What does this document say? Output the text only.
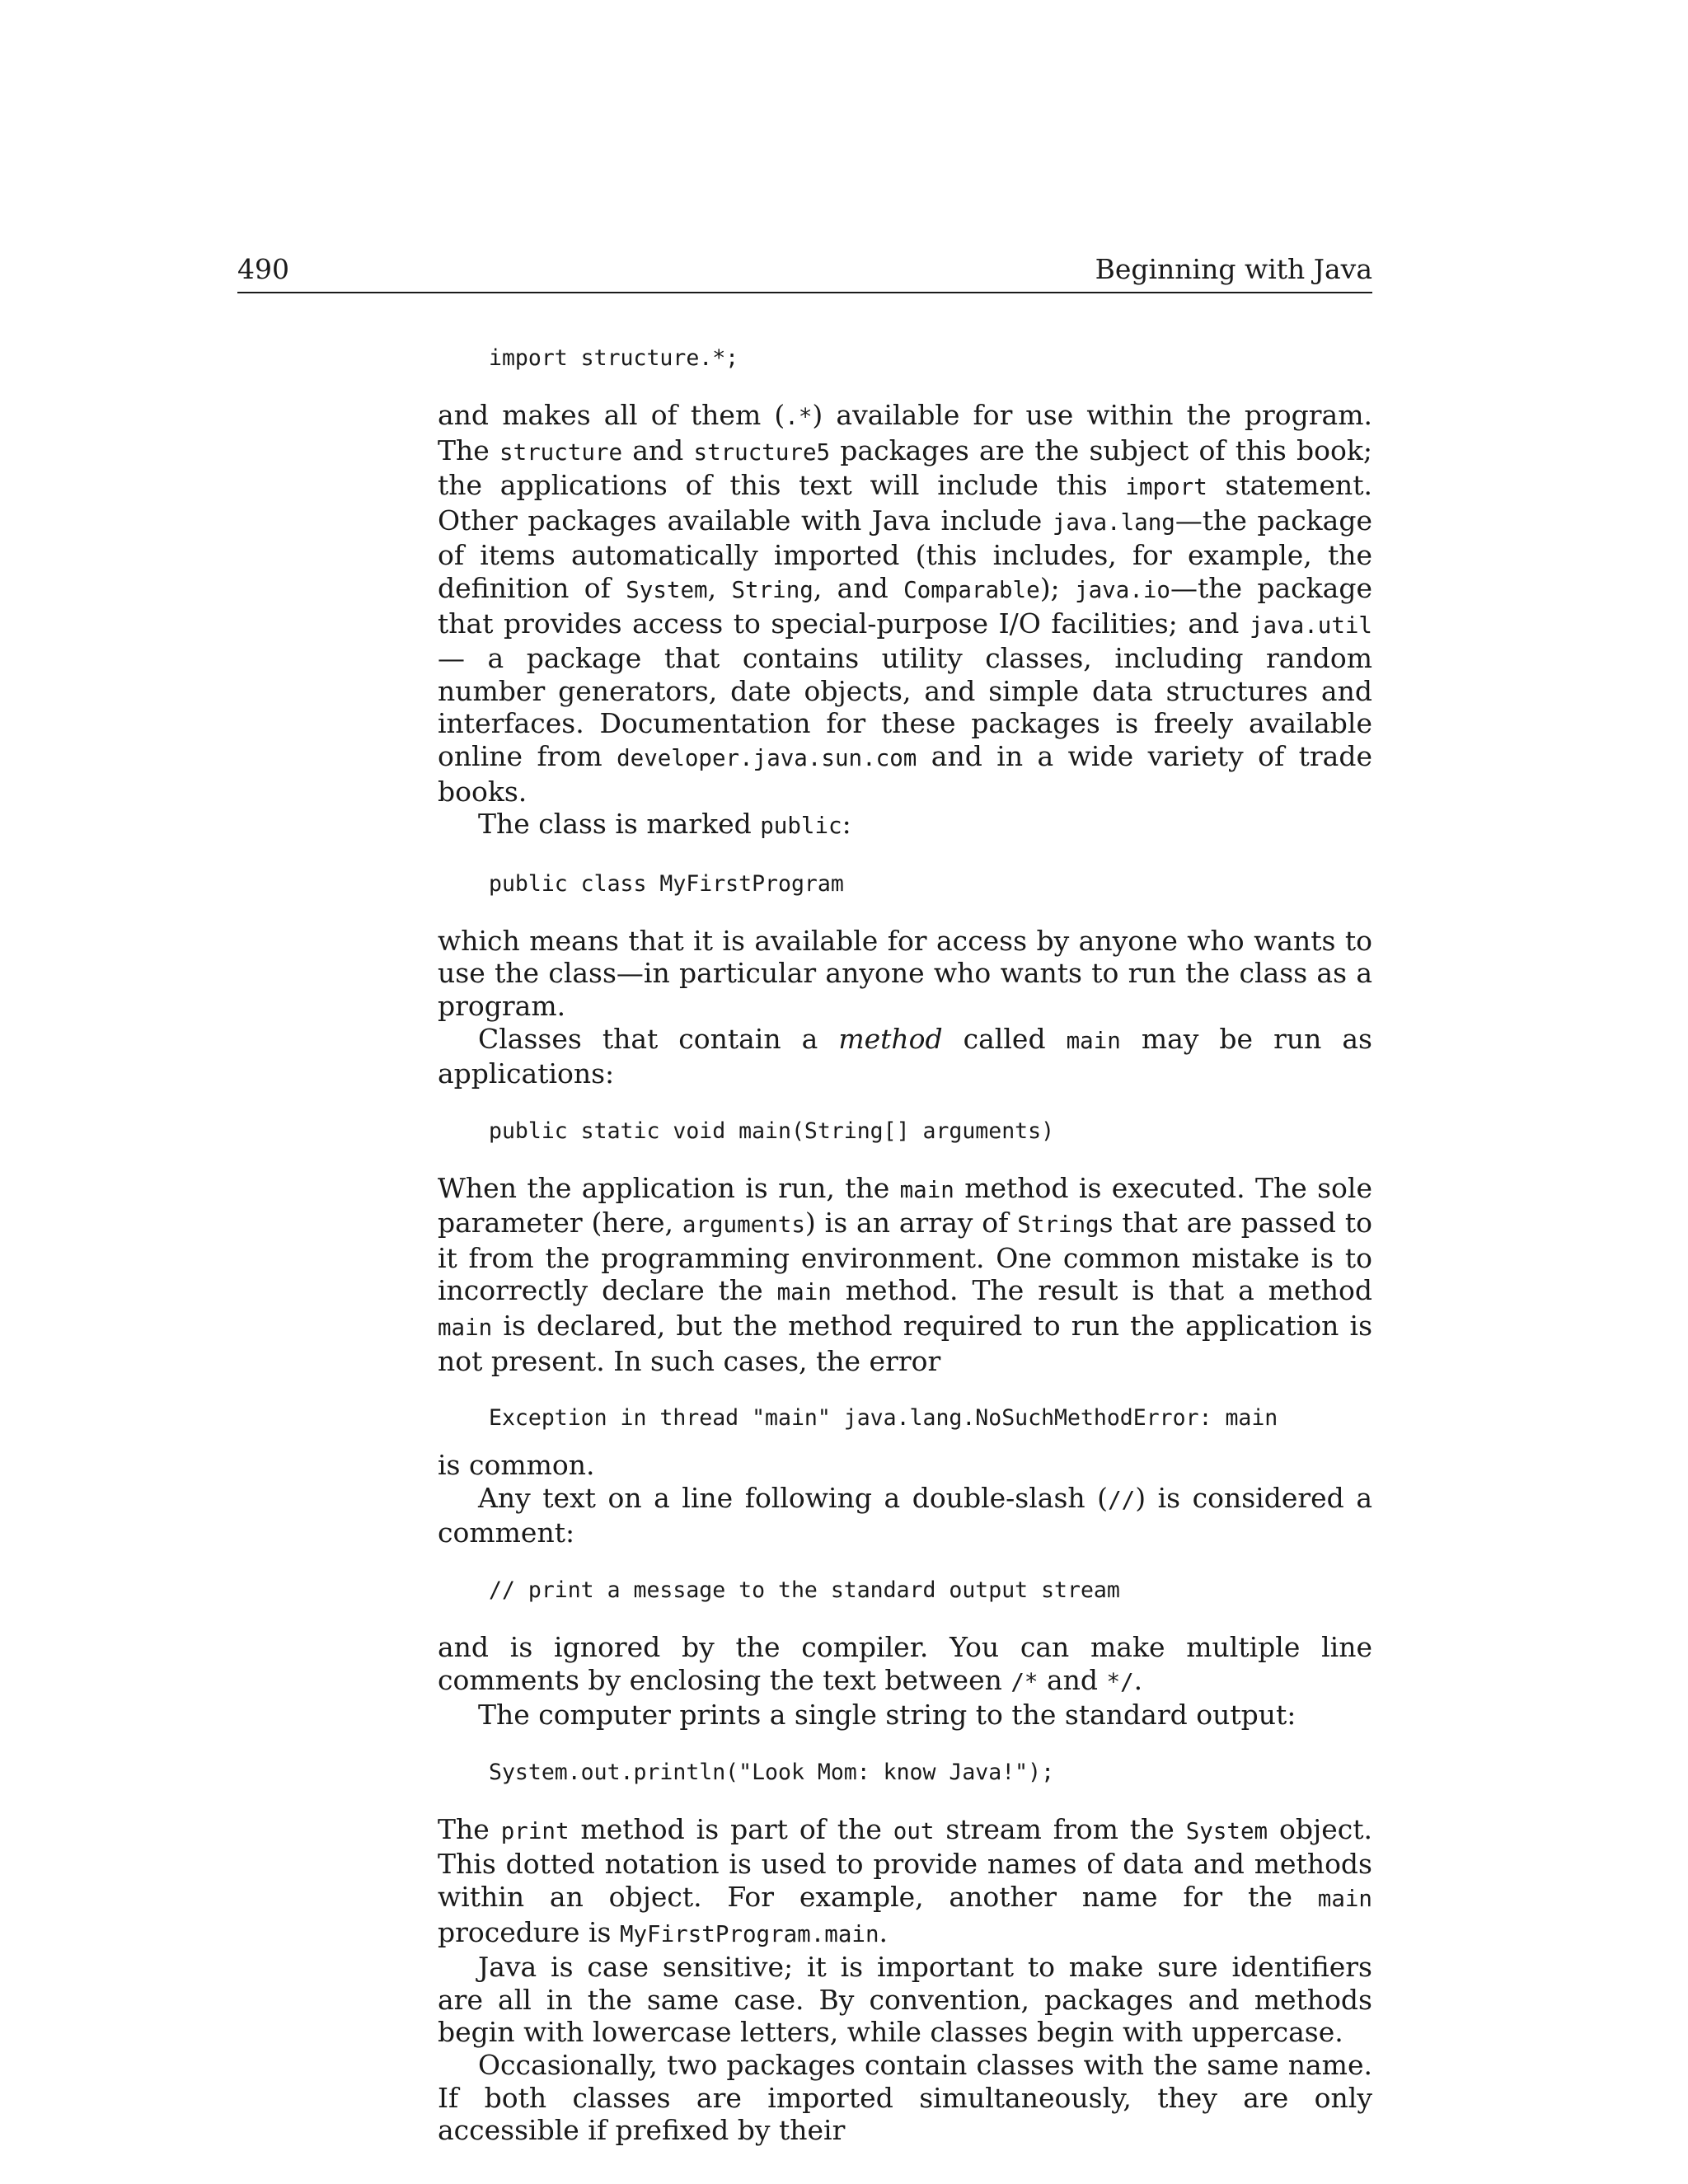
490	Beginning with Java
import structure.*;

and makes all of them (.*) available for use within the program. The structure and structure5 packages are the subject of this book; the applications of this text will include this import statement. Other packages available with Java include java.lang—the package of items automatically imported (this includes, for example, the definition of System, String, and Comparable); java.io—the package that provides access to special-purpose I/O facilities; and java.util— a package that contains utility classes, including random number generators, date objects, and simple data structures and interfaces. Documentation for these packages is freely available online from developer.java.sun.com and in a wide variety of trade books.

The class is marked public:

public class MyFirstProgram

which means that it is available for access by anyone who wants to use the class—in particular anyone who wants to run the class as a program.

Classes that contain a method called main may be run as applications:

public static void main(String[] arguments)

When the application is run, the main method is executed. The sole parameter (here, arguments) is an array of Strings that are passed to it from the programming environment. One common mistake is to incorrectly declare the main method. The result is that a method main is declared, but the method required to run the application is not present. In such cases, the error

Exception in thread "main" java.lang.NoSuchMethodError: main

is common.

Any text on a line following a double-slash (//) is considered a comment:

// print a message to the standard output stream

and is ignored by the compiler. You can make multiple line comments by enclosing the text between /* and */.

The computer prints a single string to the standard output:

System.out.println("Look Mom: know Java!");

The print method is part of the out stream from the System object. This dotted notation is used to provide names of data and methods within an object. For example, another name for the main procedure is MyFirstProgram.main.

Java is case sensitive; it is important to make sure identifiers are all in the same case. By convention, packages and methods begin with lowercase letters, while classes begin with uppercase.

Occasionally, two packages contain classes with the same name. If both classes are imported simultaneously, they are only accessible if prefixed by their
